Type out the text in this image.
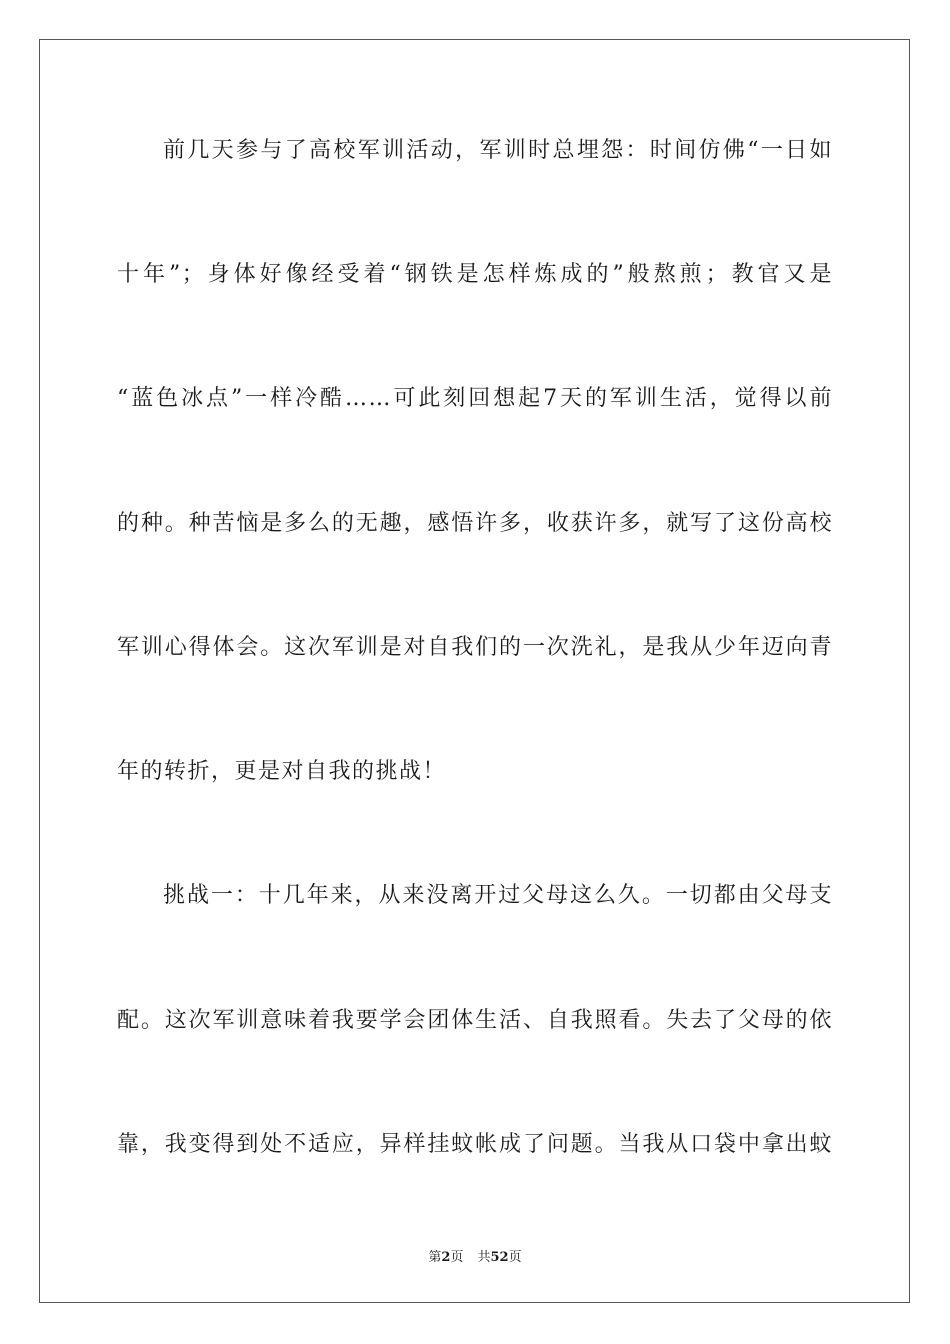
前几天参与了高校军训活动，军训时总埋怨：时间仿佛“一日如
十年”；身体好像经受着“钢铁是怎样炼成的”般熬煎；教官又是
“蓝色冰点”一样冷酷……可此刻回想起7天的军训生活，觉得以前
的种。种苦恼是多么的无趣，感悟许多，收获许多，就写了这份高校
军训心得体会。这次军训是对自我们的一次洗礼，是我从少年迈向青
年的转折，更是对自我的挑战！
挑战一：十几年来，从来没离开过父母这么久。一切都由父母支
配。这次军训意味着我要学会团体生活、自我照看。失去了父母的依
靠，我变得到处不适应，异样挂蚊帐成了问题。当我从口袋中拿出蚊
第2页 共52页
